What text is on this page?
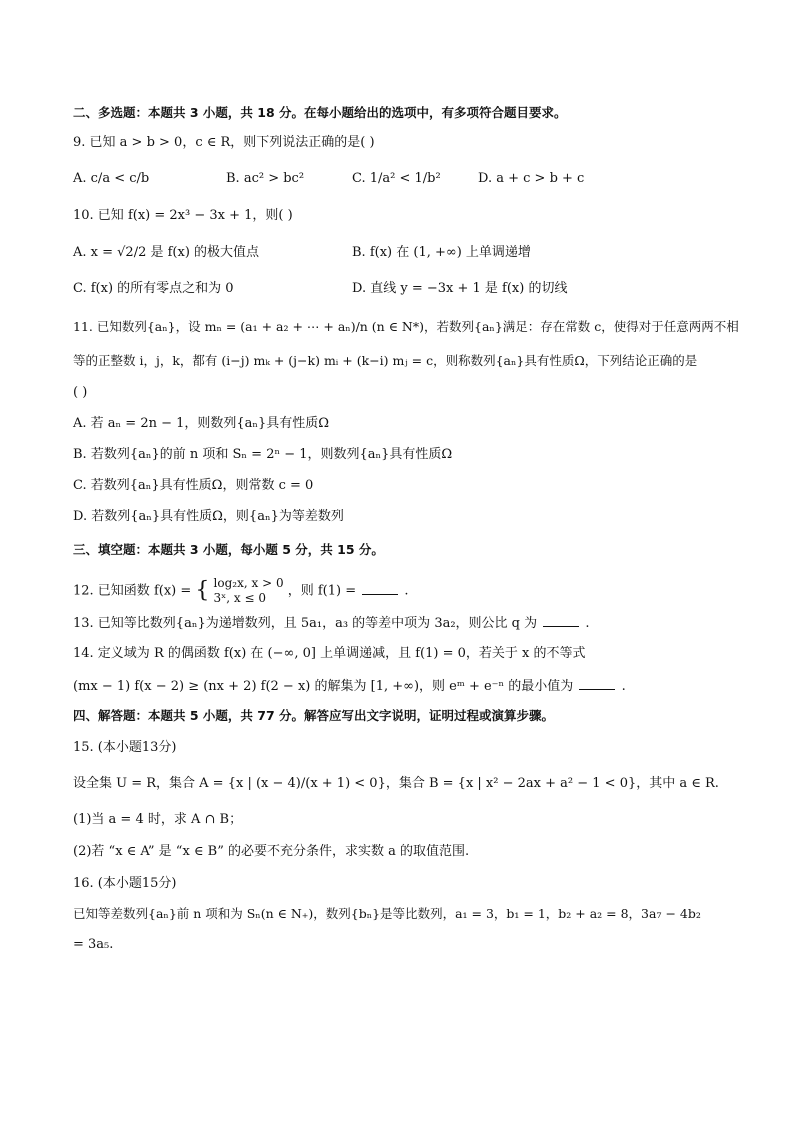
二、多选题：本题共 3 小题，共 18 分。在每小题给出的选项中，有多项符合题目要求。
9. 已知 a > b > 0，c ∈ R，则下列说法正确的是( )
A. c/a < c/b	B. ac² > bc²	C. 1/a² < 1/b²	D. a + c > b + c
10. 已知 f(x) = 2x³ − 3x + 1，则( )
A. x = √2/2 是 f(x) 的极大值点	B. f(x) 在 (1, +∞) 上单调递增
C. f(x) 的所有零点之和为 0	D. 直线 y = −3x + 1 是 f(x) 的切线
11. 已知数列{aₙ}，设 mₙ = (a₁ + a₂ + ⋯ + aₙ)/n (n ∈ N*)，若数列{aₙ}满足：存在常数 c，使得对于任意两两不相
等的正整数 i，j，k，都有 (i−j) mₖ + (j−k) mᵢ + (k−i) mⱼ = c，则称数列{aₙ}具有性质Ω，下列结论正确的是
( )
A. 若 aₙ = 2n − 1，则数列{aₙ}具有性质Ω
B. 若数列{aₙ}的前 n 项和 Sₙ = 2ⁿ − 1，则数列{aₙ}具有性质Ω
C. 若数列{aₙ}具有性质Ω，则常数 c = 0
D. 若数列{aₙ}具有性质Ω，则{aₙ}为等差数列
三、填空题：本题共 3 小题，每小题 5 分，共 15 分。
12. 已知函数 f(x) = { log₂x, x > 0
3ˣ, x ≤ 0	，则 f(1) =	.
13. 已知等比数列{aₙ}为递增数列，且 5a₁，a₃ 的等差中项为 3a₂，则公比 q 为	.
14. 定义域为 R 的偶函数 f(x) 在 (−∞, 0] 上单调递减，且 f(1) = 0，若关于 x 的不等式
(mx − 1) f(x − 2) ≥ (nx + 2) f(2 − x) 的解集为 [1, +∞)，则 eᵐ + e⁻ⁿ 的最小值为	.
四、解答题：本题共 5 小题，共 77 分。解答应写出文字说明，证明过程或演算步骤。
15. (本小题13分)
设全集 U = R，集合 A = {x | (x − 4)/(x + 1) < 0}，集合 B = {x | x² − 2ax + a² − 1 < 0}，其中 a ∈ R.
(1)当 a = 4 时，求 A ∩ B；
(2)若 “x ∈ A” 是 “x ∈ B” 的必要不充分条件，求实数 a 的取值范围.
16. (本小题15分)
已知等差数列{aₙ}前 n 项和为 Sₙ(n ∈ N₊)，数列{bₙ}是等比数列，a₁ = 3，b₁ = 1，b₂ + a₂ = 8，3a₇ − 4b₂
= 3a₅.
